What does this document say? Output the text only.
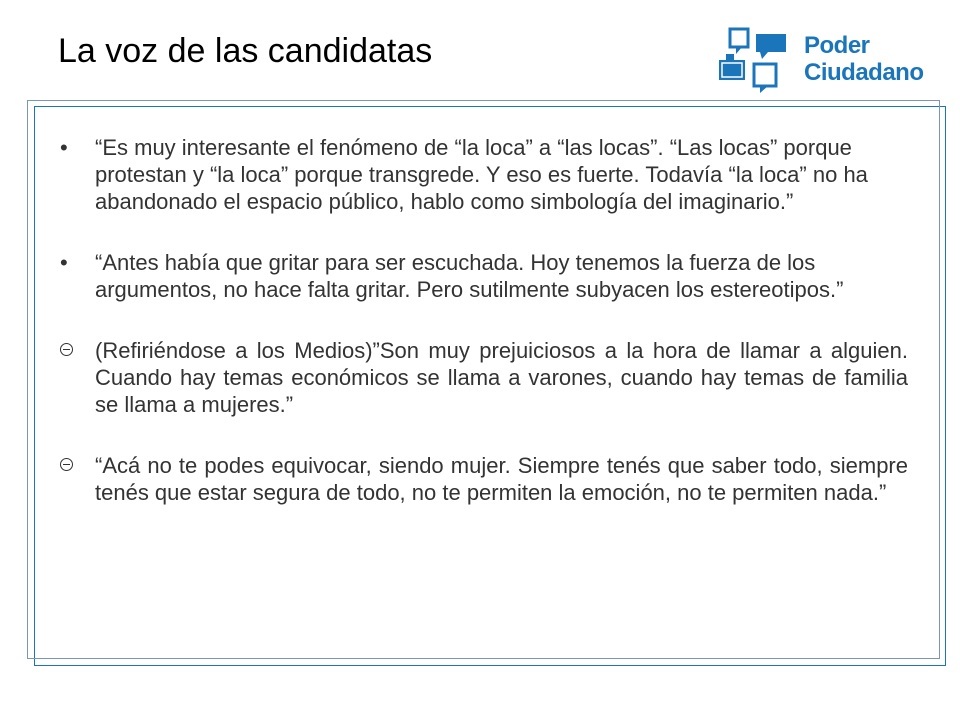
La voz de las candidatas	Poder
Ciudadano
• “Es muy interesante el fenómeno de “la loca” a “las locas”. “Las locas” porque protestan y “la loca” porque transgrede. Y eso es fuerte. Todavía “la loca” no ha abandonado el espacio público, hablo como simbología del imaginario.”
• “Antes había que gritar para ser escuchada. Hoy tenemos la fuerza de los argumentos, no hace falta gritar. Pero sutilmente subyacen los estereotipos.”
(Refiriéndose a los Medios)”Son muy prejuiciosos a la hora de llamar a alguien. Cuando hay temas económicos se llama a varones, cuando hay temas de familia se llama a mujeres.”
“Acá no te podes equivocar, siendo mujer. Siempre tenés que saber todo, siempre tenés que estar segura de todo, no te permiten la emoción, no te permiten nada.”
